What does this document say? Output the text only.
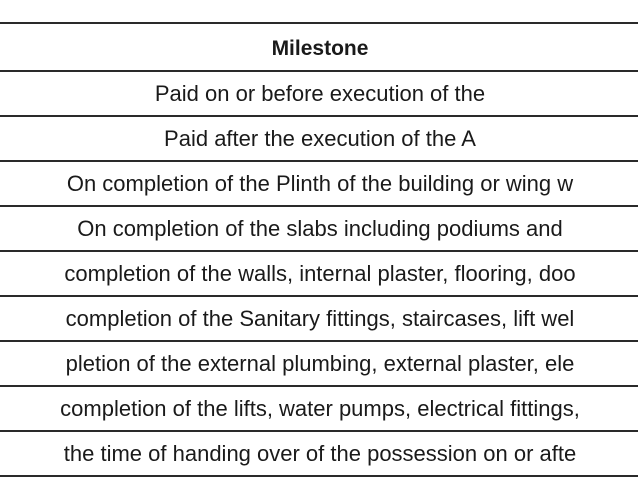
Milestone
Paid on or before execution of the
Paid after the execution of the A
On completion of the Plinth of the building or wing w
On completion of the slabs including podiums and
completion of the walls, internal plaster, flooring, doo
completion of the Sanitary fittings, staircases, lift wel
pletion of the external plumbing, external plaster, ele
completion of the lifts, water pumps, electrical fittings,
the time of handing over of the possession on or afte
